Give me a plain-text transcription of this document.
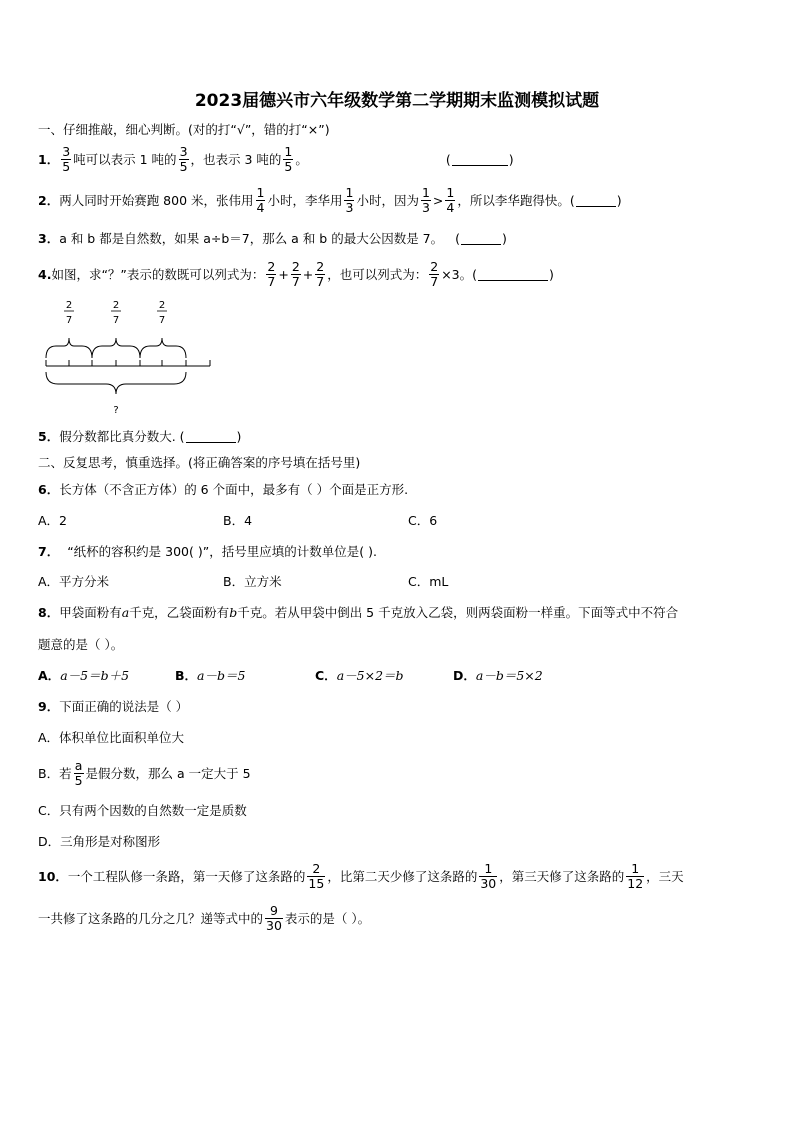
2023届德兴市六年级数学第二学期期末监测模拟试题
一、仔细推敲，细心判断。(对的打“√”，错的打“×”)
1． $\frac{3}{5}$ 吨可以表示 1 吨的 $\frac{3}{5}$ ，也表示 3 吨的 $\frac{1}{5}$ 。	(	)
2． 两人同时开始赛跑 800 米，张伟用 $\frac{1}{4}$ 小时，李华用 $\frac{1}{3}$ 小时，因为 $\frac{1}{3} > \frac{1}{4}$ ，所以李华跑得快。(	)
3． a 和 b 都是自然数，如果 a÷b＝7，那么 a 和 b 的最大公因数是 7。 (	)
4. 如图，求“？”表示的数既可以列式为： $\frac{2}{7} + \frac{2}{7} + \frac{2}{7}$ ，也可以列式为： $\frac{2}{7} \times 3$。(	)
2
7
2
7
2
7
?
5． 假分数都比真分数大. (	)
二、反复思考，慎重选择。(将正确答案的序号填在括号里)
6． 长方体（不含正方体）的 6 个面中，最多有（ ）个面是正方形.
A．2	B．4	C．6
7． “纸杯的容积约是 300( )”，括号里应填的计数单位是( ).
A．平方分米	B．立方米	C．mL
8． 甲袋面粉有 a 千克，乙袋面粉有 b 千克。若从甲袋中倒出 5 千克放入乙袋，则两袋面粉一样重。下面等式中不符合
题意的是（ ）。
A．a－5＝b＋5	B．a－b＝5	C．a－5×2＝b	D．a－b＝5×2
9． 下面正确的说法是（ ）
A．体积单位比面积单位大
B．若 $\frac{a}{5}$ 是假分数，那么 a 一定大于 5
C．只有两个因数的自然数一定是质数
D．三角形是对称图形
10． 一个工程队修一条路，第一天修了这条路的 $\frac{2}{15}$ ，比第二天少修了这条路的 $\frac{1}{30}$ ，第三天修了这条路的 $\frac{1}{12}$ ，三天
一共修了这条路的几分之几？递等式中的 $\frac{9}{30}$ 表示的是（ ）。
